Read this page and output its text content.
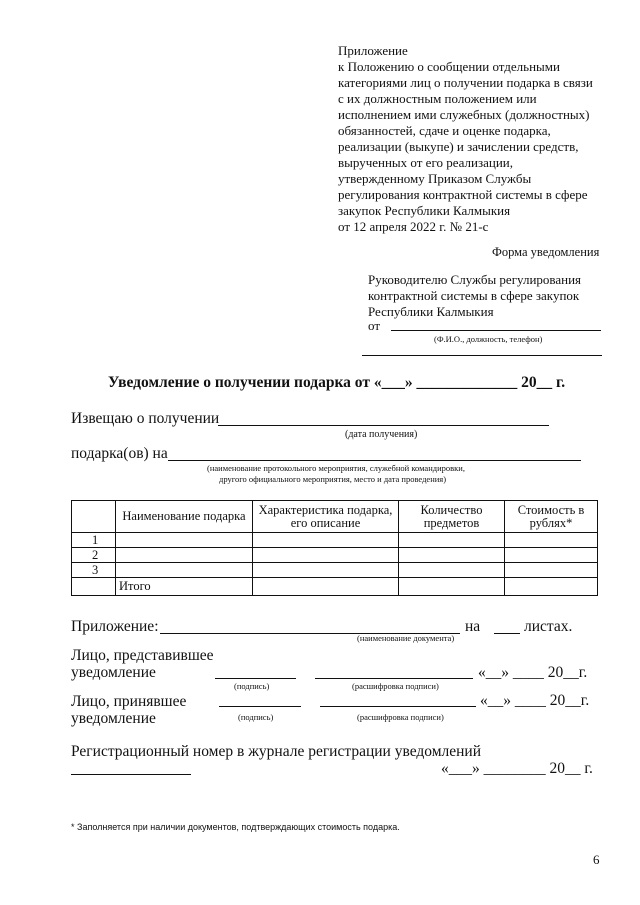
Приложение
к Положению о сообщении отдельными
категориями лиц о получении подарка в связи
с их должностным положением или
исполнением ими служебных (должностных)
обязанностей, сдаче и оценке подарка,
реализации (выкупе) и зачислении средств,
вырученных от его реализации,
утвержденному Приказом Службы
регулирования контрактной системы в сфере
закупок Республики Калмыкия
от 12 апреля 2022 г. № 21-с
Форма уведомления
Руководителю Службы регулирования
контрактной системы в сфере закупок
Республики Калмыкия
от
(Ф.И.О., должность, телефон)
Уведомление о получении подарка от «___» _____________ 20__ г.
Извещаю о получении
(дата получения)
подарка(ов) на
(наименование протокольного мероприятия, служебной командировки,
другого официального мероприятия, место и дата проведения)
	Наименование подарка	Характеристика подарка, его описание	Количество предметов	Стоимость в рублях*
1				
2				
3				
	Итого			
Приложение:	на	листах.
(наименование документа)
Лицо, представившее
уведомление	«__» ____ 20__г.
(подпись)	(расшифровка подписи)
Лицо, принявшее
уведомление
«__» ____ 20__г.
(подпись)	(расшифровка подписи)
Регистрационный номер в журнале регистрации уведомлений
«___» ________ 20__ г.
* Заполняется при наличии документов, подтверждающих стоимость подарка.
6
